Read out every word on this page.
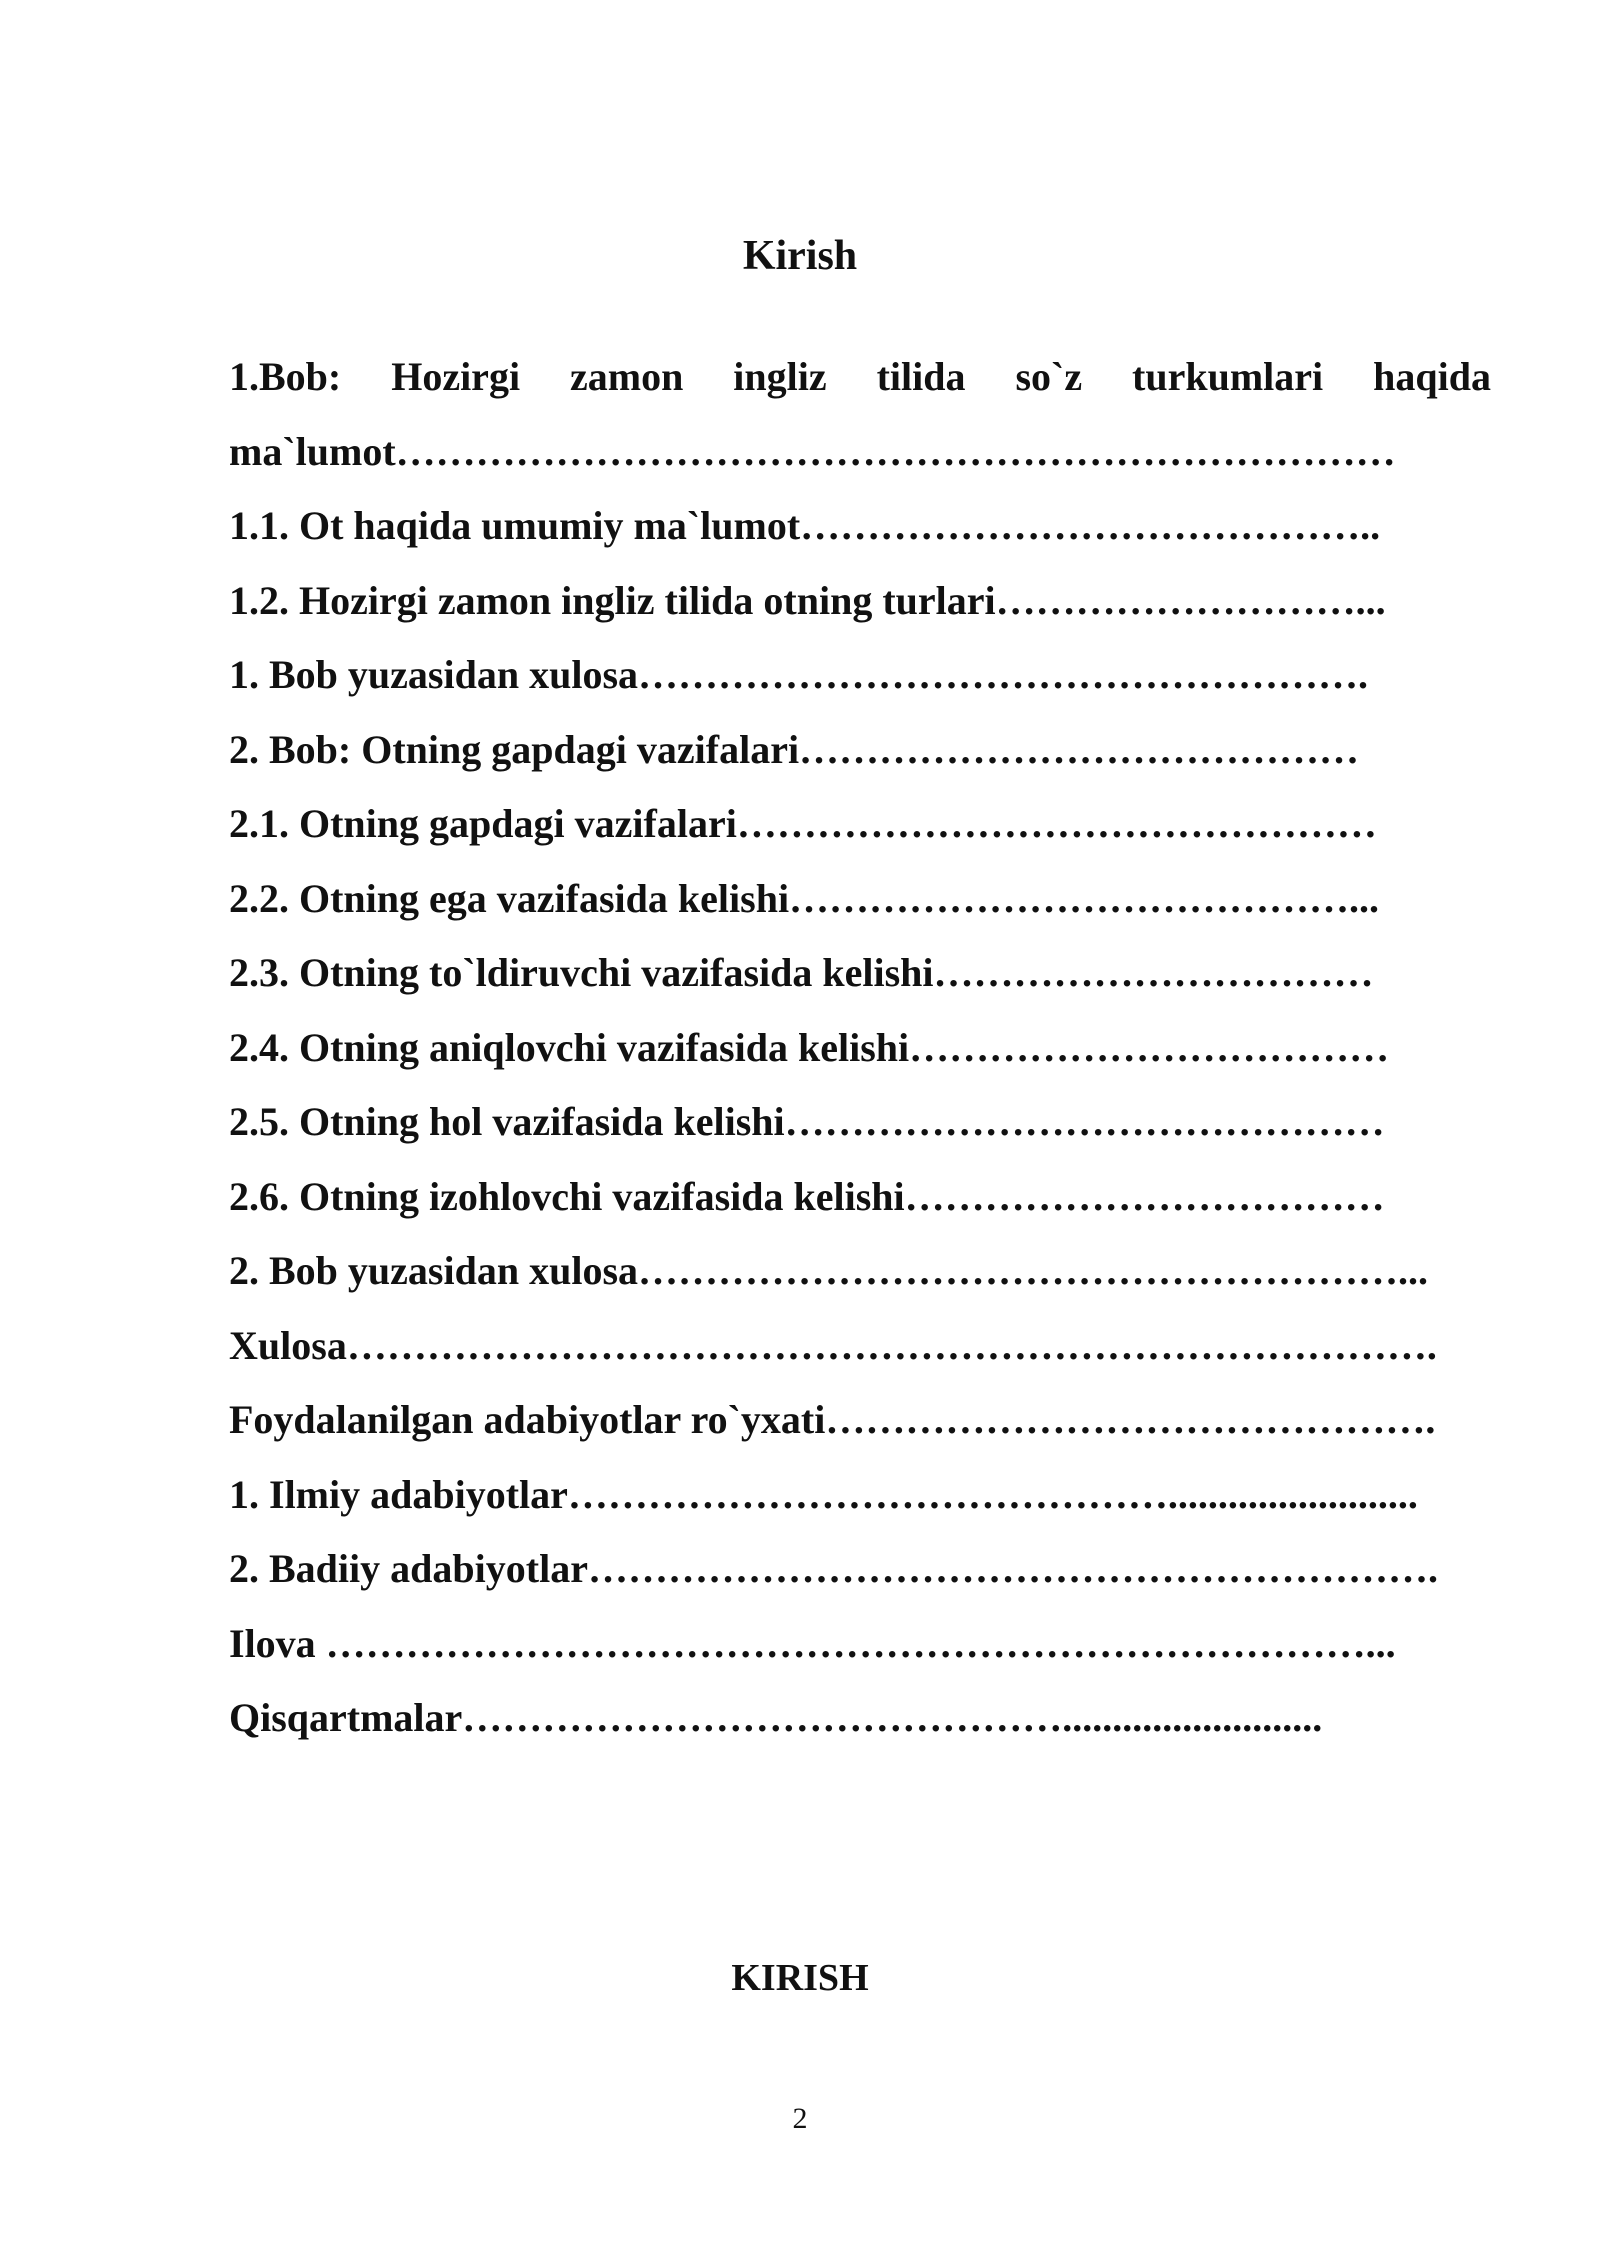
Kirish
1.Bob: Hozirgi zamon ingliz tilida so`z turkumlari haqida
ma`lumot…………………………………………………………………
1.1. Ot haqida umumiy ma`lumot……………………………………..
1.2. Hozirgi zamon ingliz tilida otning turlari………………………...
1. Bob yuzasidan xulosa……………………………………………….
2. Bob: Otning gapdagi vazifalari……………………………………
2.1. Otning gapdagi vazifalari…………………………………………
2.2. Otning ega vazifasida kelishi……………………………………...
2.3. Otning to`ldiruvchi vazifasida kelishi……………………………
2.4. Otning aniqlovchi vazifasida kelishi………………………………
2.5. Otning hol vazifasida kelishi………………………………………
2.6. Otning izohlovchi vazifasida kelishi………………………………
2. Bob yuzasidan xulosa…………………………………………………...
Xulosa……………………………………………………………………….
Foydalanilgan adabiyotlar ro`yxati……………………………………….
1. Ilmiy adabiyotlar……………………………………….........................
2. Badiiy adabiyotlar……………………………………………………….
Ilova ……………………………………………………………………...
Qisqartmalar………………………………………..........................
KIRISH
2
